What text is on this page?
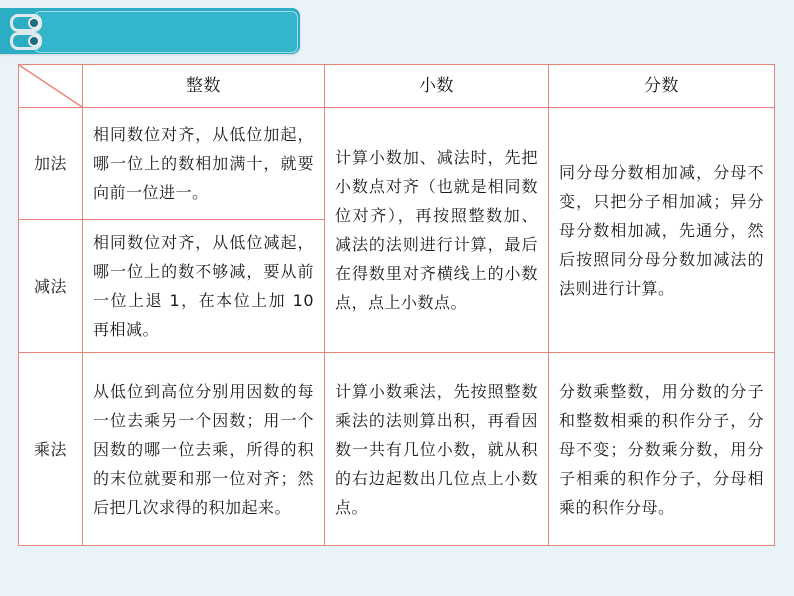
	整数	小数	分数
加法	相同数位对齐，从低位加起，哪一位上的数相加满十，就要向前一位进一。	计算小数加、减法时，先把小数点对齐（也就是相同数位对齐），再按照整数加、减法的法则进行计算，最后在得数里对齐横线上的小数点，点上小数点。	同分母分数相加减，分母不变，只把分子相加减；异分母分数相加减，先通分，然后按照同分母分数加减法的法则进行计算。
减法	相同数位对齐，从低位减起，哪一位上的数不够减，要从前一位上退 1，在本位上加 10 再相减。		
乘法	从低位到高位分别用因数的每一位去乘另一个因数；用一个因数的哪一位去乘，所得的积的末位就要和那一位对齐；然后把几次求得的积加起来。	计算小数乘法，先按照整数乘法的法则算出积，再看因数一共有几位小数，就从积的右边起数出几位点上小数点。	分数乘整数，用分数的分子和整数相乘的积作分子，分母不变；分数乘分数，用分子相乘的积作分子，分母相乘的积作分母。
